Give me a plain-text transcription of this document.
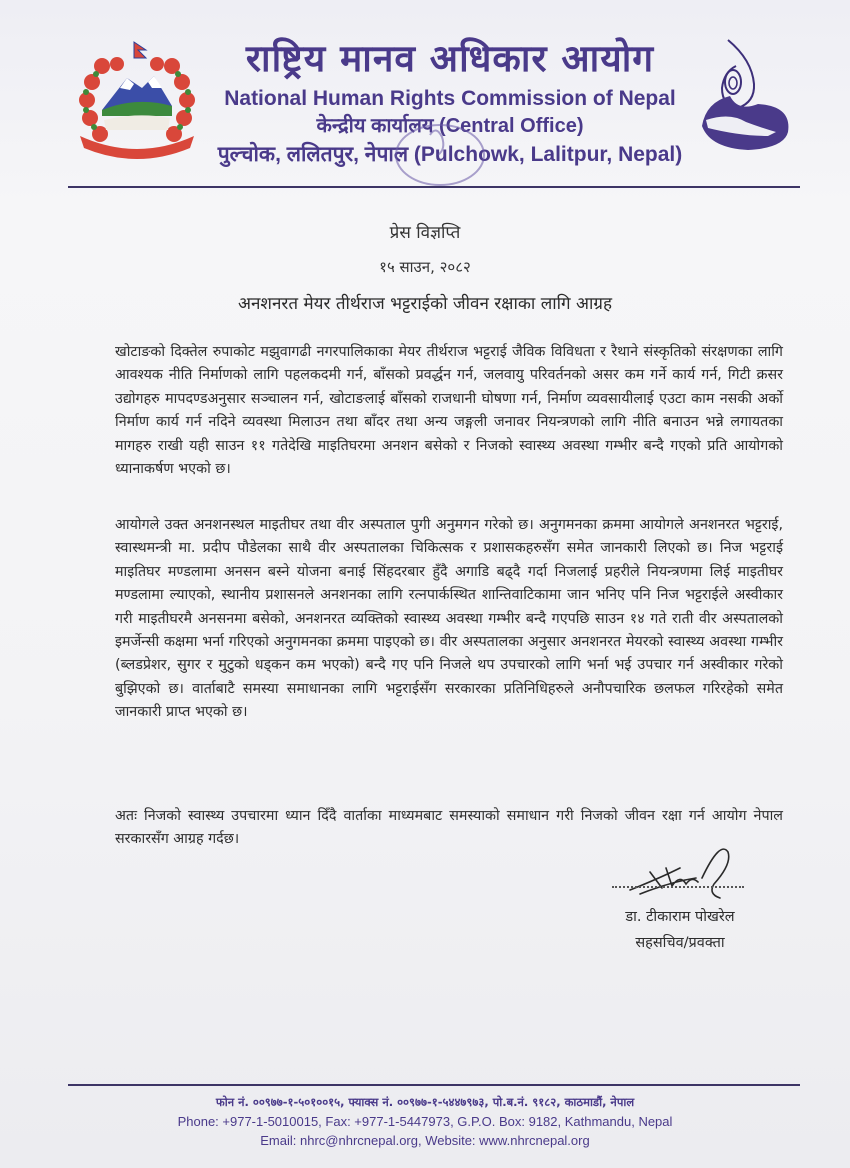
राष्ट्रिय मानव अधिकार आयोग
National Human Rights Commission of Nepal
केन्द्रीय कार्यालय (Central Office)
पुल्चोक, ललितपुर, नेपाल (Pulchowk, Lalitpur, Nepal)
प्रेस विज्ञप्ति
१५ साउन, २०८२
अनशनरत मेयर तीर्थराज भट्टराईको जीवन रक्षाका लागि आग्रह

खोटाङको दिक्तेल रुपाकोट मझुवागढी नगरपालिकाका मेयर तीर्थराज भट्टराई जैविक विविधता र रैथाने संस्कृतिको संरक्षणका लागि आवश्यक नीति निर्माणको लागि पहलकदमी गर्न, बाँसको प्रवर्द्धन गर्न, जलवायु परिवर्तनको असर कम गर्ने कार्य गर्न, गिटी क्रसर उद्योगहरु मापदण्डअनुसार सञ्चालन गर्न, खोटाङलाई बाँसको राजधानी घोषणा गर्न, निर्माण व्यवसायीलाई एउटा काम नसकी अर्को निर्माण कार्य गर्न नदिने व्यवस्था मिलाउन तथा बाँदर तथा अन्य जङ्गली जनावर नियन्त्रणको लागि नीति बनाउन भन्ने लगायतका मागहरु राखी यही साउन ११ गतेदेखि माइतिघरमा अनशन बसेको र निजको स्वास्थ्य अवस्था गम्भीर बन्दै गएको प्रति आयोगको ध्यानाकर्षण भएको छ।

आयोगले उक्त अनशनस्थल माइतीघर तथा वीर अस्पताल पुगी अनुमगन गरेको छ। अनुगमनका क्रममा आयोगले अनशनरत भट्टराई, स्वास्थमन्त्री मा. प्रदीप पौडेलका साथै वीर अस्पतालका चिकित्सक र प्रशासकहरुसँग समेत जानकारी लिएको छ। निज भट्टराई माइतिघर मण्डलामा अनसन बस्ने योजना बनाई सिंहदरबार हुँदै अगाडि बढ्दै गर्दा निजलाई प्रहरीले नियन्त्रणमा लिई माइतीघर मण्डलामा ल्याएको, स्थानीय प्रशासनले अनशनका लागि रत्नपार्कस्थित शान्तिवाटिकामा जान भनिए पनि निज भट्टराईले अस्वीकार गरी माइतीघरमै अनसनमा बसेको, अनशनरत व्यक्तिको स्वास्थ्य अवस्था गम्भीर बन्दै गएपछि साउन १४ गते राती वीर अस्पतालको इमर्जेन्सी कक्षमा भर्ना गरिएको अनुगमनका क्रममा पाइएको छ। वीर अस्पतालका अनुसार अनशनरत मेयरको स्वास्थ्य अवस्था गम्भीर (ब्लडप्रेशर, सुगर र मुटुको धड्कन कम भएको) बन्दै गए पनि निजले थप उपचारको लागि भर्ना भई उपचार गर्न अस्वीकार गरेको बुझिएको छ। वार्ताबाटै समस्या समाधानका लागि भट्टराईसँग सरकारका प्रतिनिधिहरुले अनौपचारिक छलफल गरिरहेको समेत जानकारी प्राप्त भएको छ।

अतः निजको स्वास्थ्य उपचारमा ध्यान दिँदै वार्ताका माध्यमबाट समस्याको समाधान गरी निजको जीवन रक्षा गर्न आयोग नेपाल सरकारसँग आग्रह गर्दछ।

डा. टीकाराम पोखरेल
सहसचिव/प्रवक्ता
फोन नं. ००९७७-१-५०१००१५, फ्याक्स नं. ००९७७-१-५४४७९७३, पो.ब.नं. ९१८२, काठमाडौं, नेपाल
Phone: +977-1-5010015, Fax: +977-1-5447973, G.P.O. Box: 9182, Kathmandu, Nepal
Email: nhrc@nhrcnepal.org, Website: www.nhrcnepal.org
